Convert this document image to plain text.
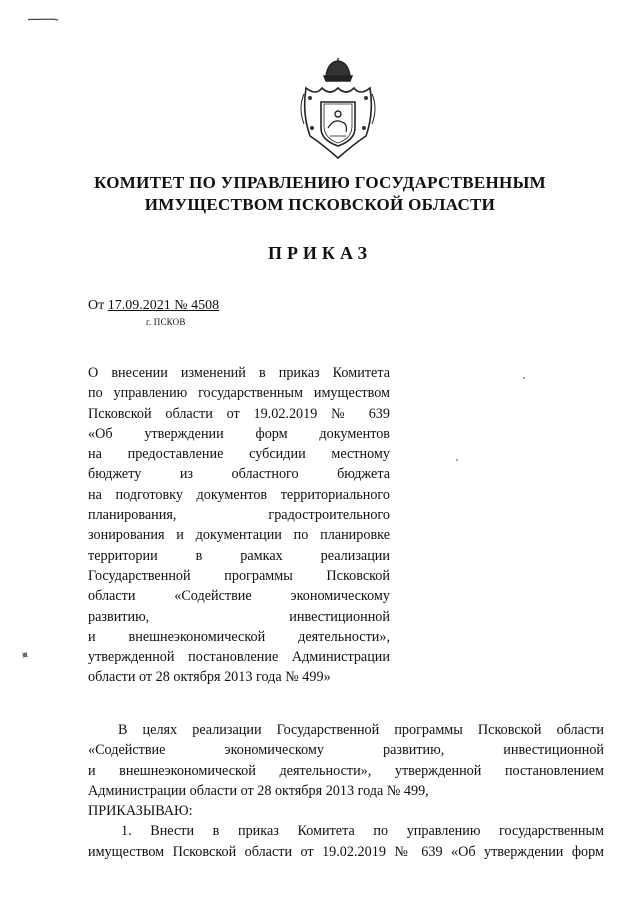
КОМИТЕТ ПО УПРАВЛЕНИЮ ГОСУДАРСТВЕННЫМ
ИМУЩЕСТВОМ ПСКОВСКОЙ ОБЛАСТИ
ПРИКАЗ
От 17.09.2021 № 4508
г. ПСКОВ
О внесении изменений в приказ Комитета
по управлению государственным имуществом
Псковской области от 19.02.2019 № 639
«Об утверждении форм документов
на предоставление субсидии местному
бюджету из областного бюджета
на подготовку документов территориального
планирования, градостроительного
зонирования и документации по планировке
территории в рамках реализации
Государственной программы Псковской
области «Содействие экономическому
развитию, инвестиционной
и внешнеэкономической деятельности»,
утвержденной постановление Администрации
области от 28 октября 2013 года № 499»
В целях реализации Государственной программы Псковской области
«Содействие экономическому развитию, инвестиционной
и внешнеэкономической деятельности», утвержденной постановлением
Администрации области от 28 октября 2013 года № 499,
ПРИКАЗЫВАЮ:
1. Внести в приказ Комитета по управлению государственным
имуществом Псковской области от 19.02.2019 № 639 «Об утверждении форм
